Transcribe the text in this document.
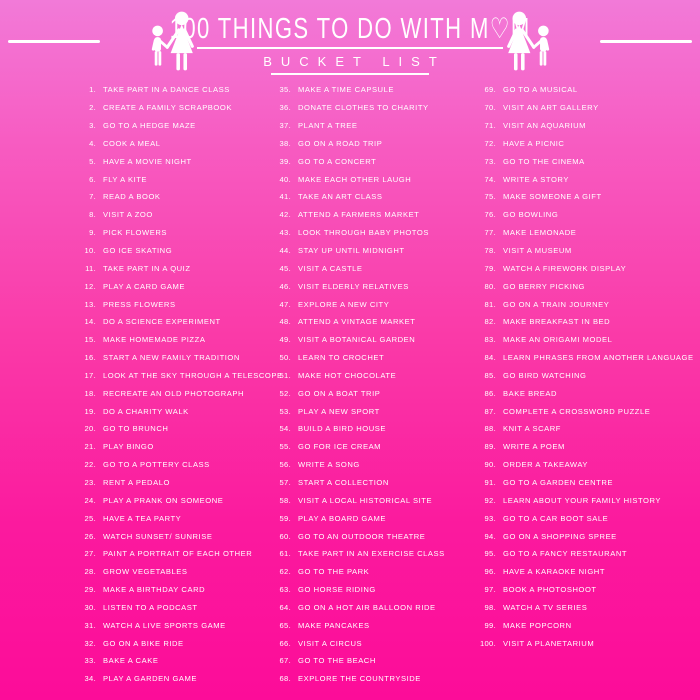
100 THINGS TO DO WITH M♡M
BUCKET LIST
1. TAKE PART IN A DANCE CLASS
2. CREATE A FAMILY SCRAPBOOK
3. GO TO A HEDGE MAZE
4. COOK A MEAL
5. HAVE A MOVIE NIGHT
6. FLY A KITE
7. READ A BOOK
8. VISIT A ZOO
9. PICK FLOWERS
10. GO ICE SKATING
11. TAKE PART IN A QUIZ
12. PLAY A CARD GAME
13. PRESS FLOWERS
14. DO A SCIENCE EXPERIMENT
15. MAKE HOMEMADE PIZZA
16. START A NEW FAMILY TRADITION
17. LOOK AT THE SKY THROUGH A TELESCOPE
18. RECREATE AN OLD PHOTOGRAPH
19. DO A CHARITY WALK
20. GO TO BRUNCH
21. PLAY BINGO
22. GO TO A POTTERY CLASS
23. RENT A PEDALO
24. PLAY A PRANK ON SOMEONE
25. HAVE A TEA PARTY
26. WATCH SUNSET/ SUNRISE
27. PAINT A PORTRAIT OF EACH OTHER
28. GROW VEGETABLES
29. MAKE A BIRTHDAY CARD
30. LISTEN TO A PODCAST
31. WATCH A LIVE SPORTS GAME
32. GO ON A BIKE RIDE
33. BAKE A CAKE
34. PLAY A GARDEN GAME
35. MAKE A TIME CAPSULE
36. DONATE CLOTHES TO CHARITY
37. PLANT A TREE
38. GO ON A ROAD TRIP
39. GO TO A CONCERT
40. MAKE EACH OTHER LAUGH
41. TAKE AN ART CLASS
42. ATTEND A FARMERS MARKET
43. LOOK THROUGH BABY PHOTOS
44. STAY UP UNTIL MIDNIGHT
45. VISIT A CASTLE
46. VISIT ELDERLY RELATIVES
47. EXPLORE A NEW CITY
48. ATTEND A VINTAGE MARKET
49. VISIT A BOTANICAL GARDEN
50. LEARN TO CROCHET
51. MAKE HOT CHOCOLATE
52. GO ON A BOAT TRIP
53. PLAY A NEW SPORT
54. BUILD A BIRD HOUSE
55. GO FOR ICE CREAM
56. WRITE A SONG
57. START A COLLECTION
58. VISIT A LOCAL HISTORICAL SITE
59. PLAY A BOARD GAME
60. GO TO AN OUTDOOR THEATRE
61. TAKE PART IN AN EXERCISE CLASS
62. GO TO THE PARK
63. GO HORSE RIDING
64. GO ON A HOT AIR BALLOON RIDE
65. MAKE PANCAKES
66. VISIT A CIRCUS
67. GO TO THE BEACH
68. EXPLORE THE COUNTRYSIDE
69. GO TO A MUSICAL
70. VISIT AN ART GALLERY
71. VISIT AN AQUARIUM
72. HAVE A PICNIC
73. GO TO THE CINEMA
74. WRITE A STORY
75. MAKE SOMEONE A GIFT
76. GO BOWLING
77. MAKE LEMONADE
78. VISIT A MUSEUM
79. WATCH A FIREWORK DISPLAY
80. GO BERRY PICKING
81. GO ON A TRAIN JOURNEY
82. MAKE BREAKFAST IN BED
83. MAKE AN ORIGAMI MODEL
84. LEARN PHRASES FROM ANOTHER LANGUAGE
85. GO BIRD WATCHING
86. BAKE BREAD
87. COMPLETE A CROSSWORD PUZZLE
88. KNIT A SCARF
89. WRITE A POEM
90. ORDER A TAKEAWAY
91. GO TO A GARDEN CENTRE
92. LEARN ABOUT YOUR FAMILY HISTORY
93. GO TO A CAR BOOT SALE
94. GO ON A SHOPPING SPREE
95. GO TO A FANCY RESTAURANT
96. HAVE A KARAOKE NIGHT
97. BOOK A PHOTOSHOOT
98. WATCH A TV SERIES
99. MAKE POPCORN
100. VISIT A PLANETARIUM
